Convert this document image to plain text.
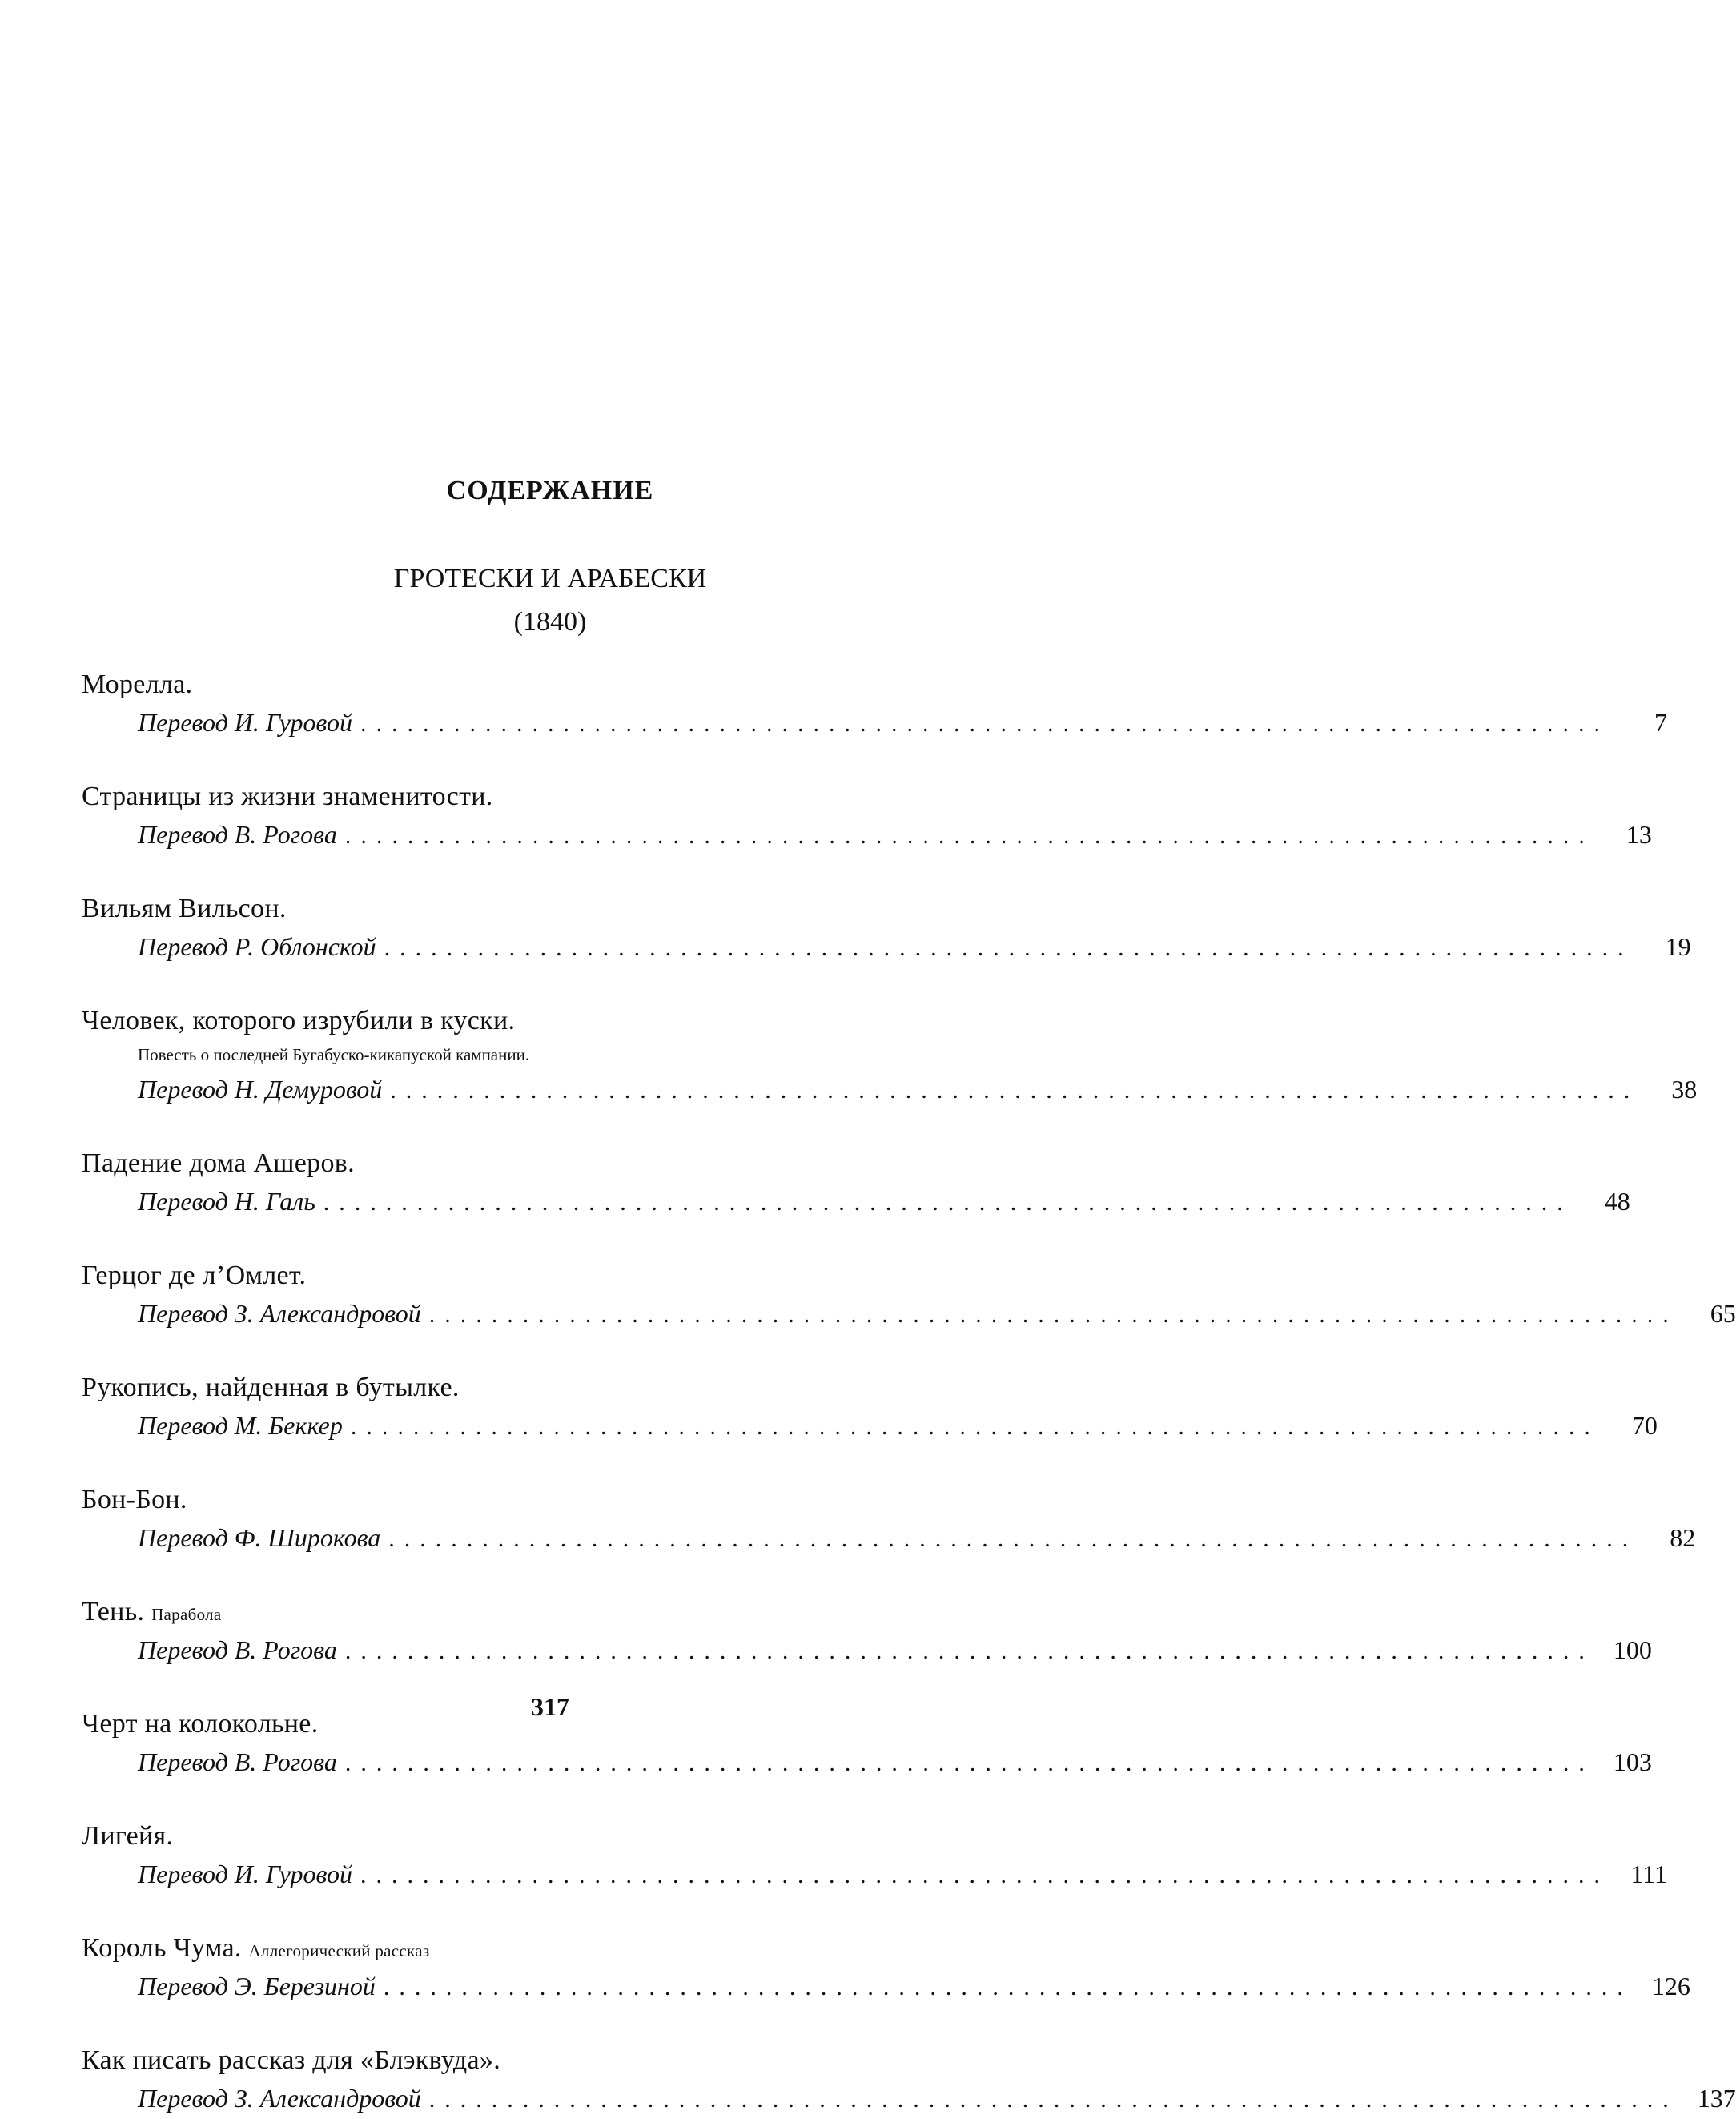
СОДЕРЖАНИЕ
ГРОТЕСКИ И АРАБЕСКИ
(1840)
Морелла.
Перевод И. Гуровой ................................................................................	7
Страницы из жизни знаменитости.
Перевод В. Рогова ................................................................................	13
Вильям Вильсон.
Перевод Р. Облонской ................................................................................	19
Человек, которого изрубили в куски.
Повесть о последней Бугабуско-кикапуской кампании.
Перевод Н. Демуровой ................................................................................	38
Падение дома Ашеров.
Перевод Н. Галь ................................................................................	48
Герцог де л’Омлет.
Перевод З. Александровой ................................................................................	65
Рукопись, найденная в бутылке.
Перевод М. Беккер ................................................................................	70
Бон-Бон.
Перевод Ф. Широкова ................................................................................	82
Тень. Парабола
Перевод В. Рогова ................................................................................ 100
Черт на колокольне.
Перевод В. Рогова ................................................................................ 103
Лигейя.
Перевод И. Гуровой ................................................................................ 111
Король Чума. Аллегорический рассказ
Перевод Э. Березиной ................................................................................ 126
Как писать рассказ для «Блэквуда».
Перевод З. Александровой ................................................................................ 137
317
